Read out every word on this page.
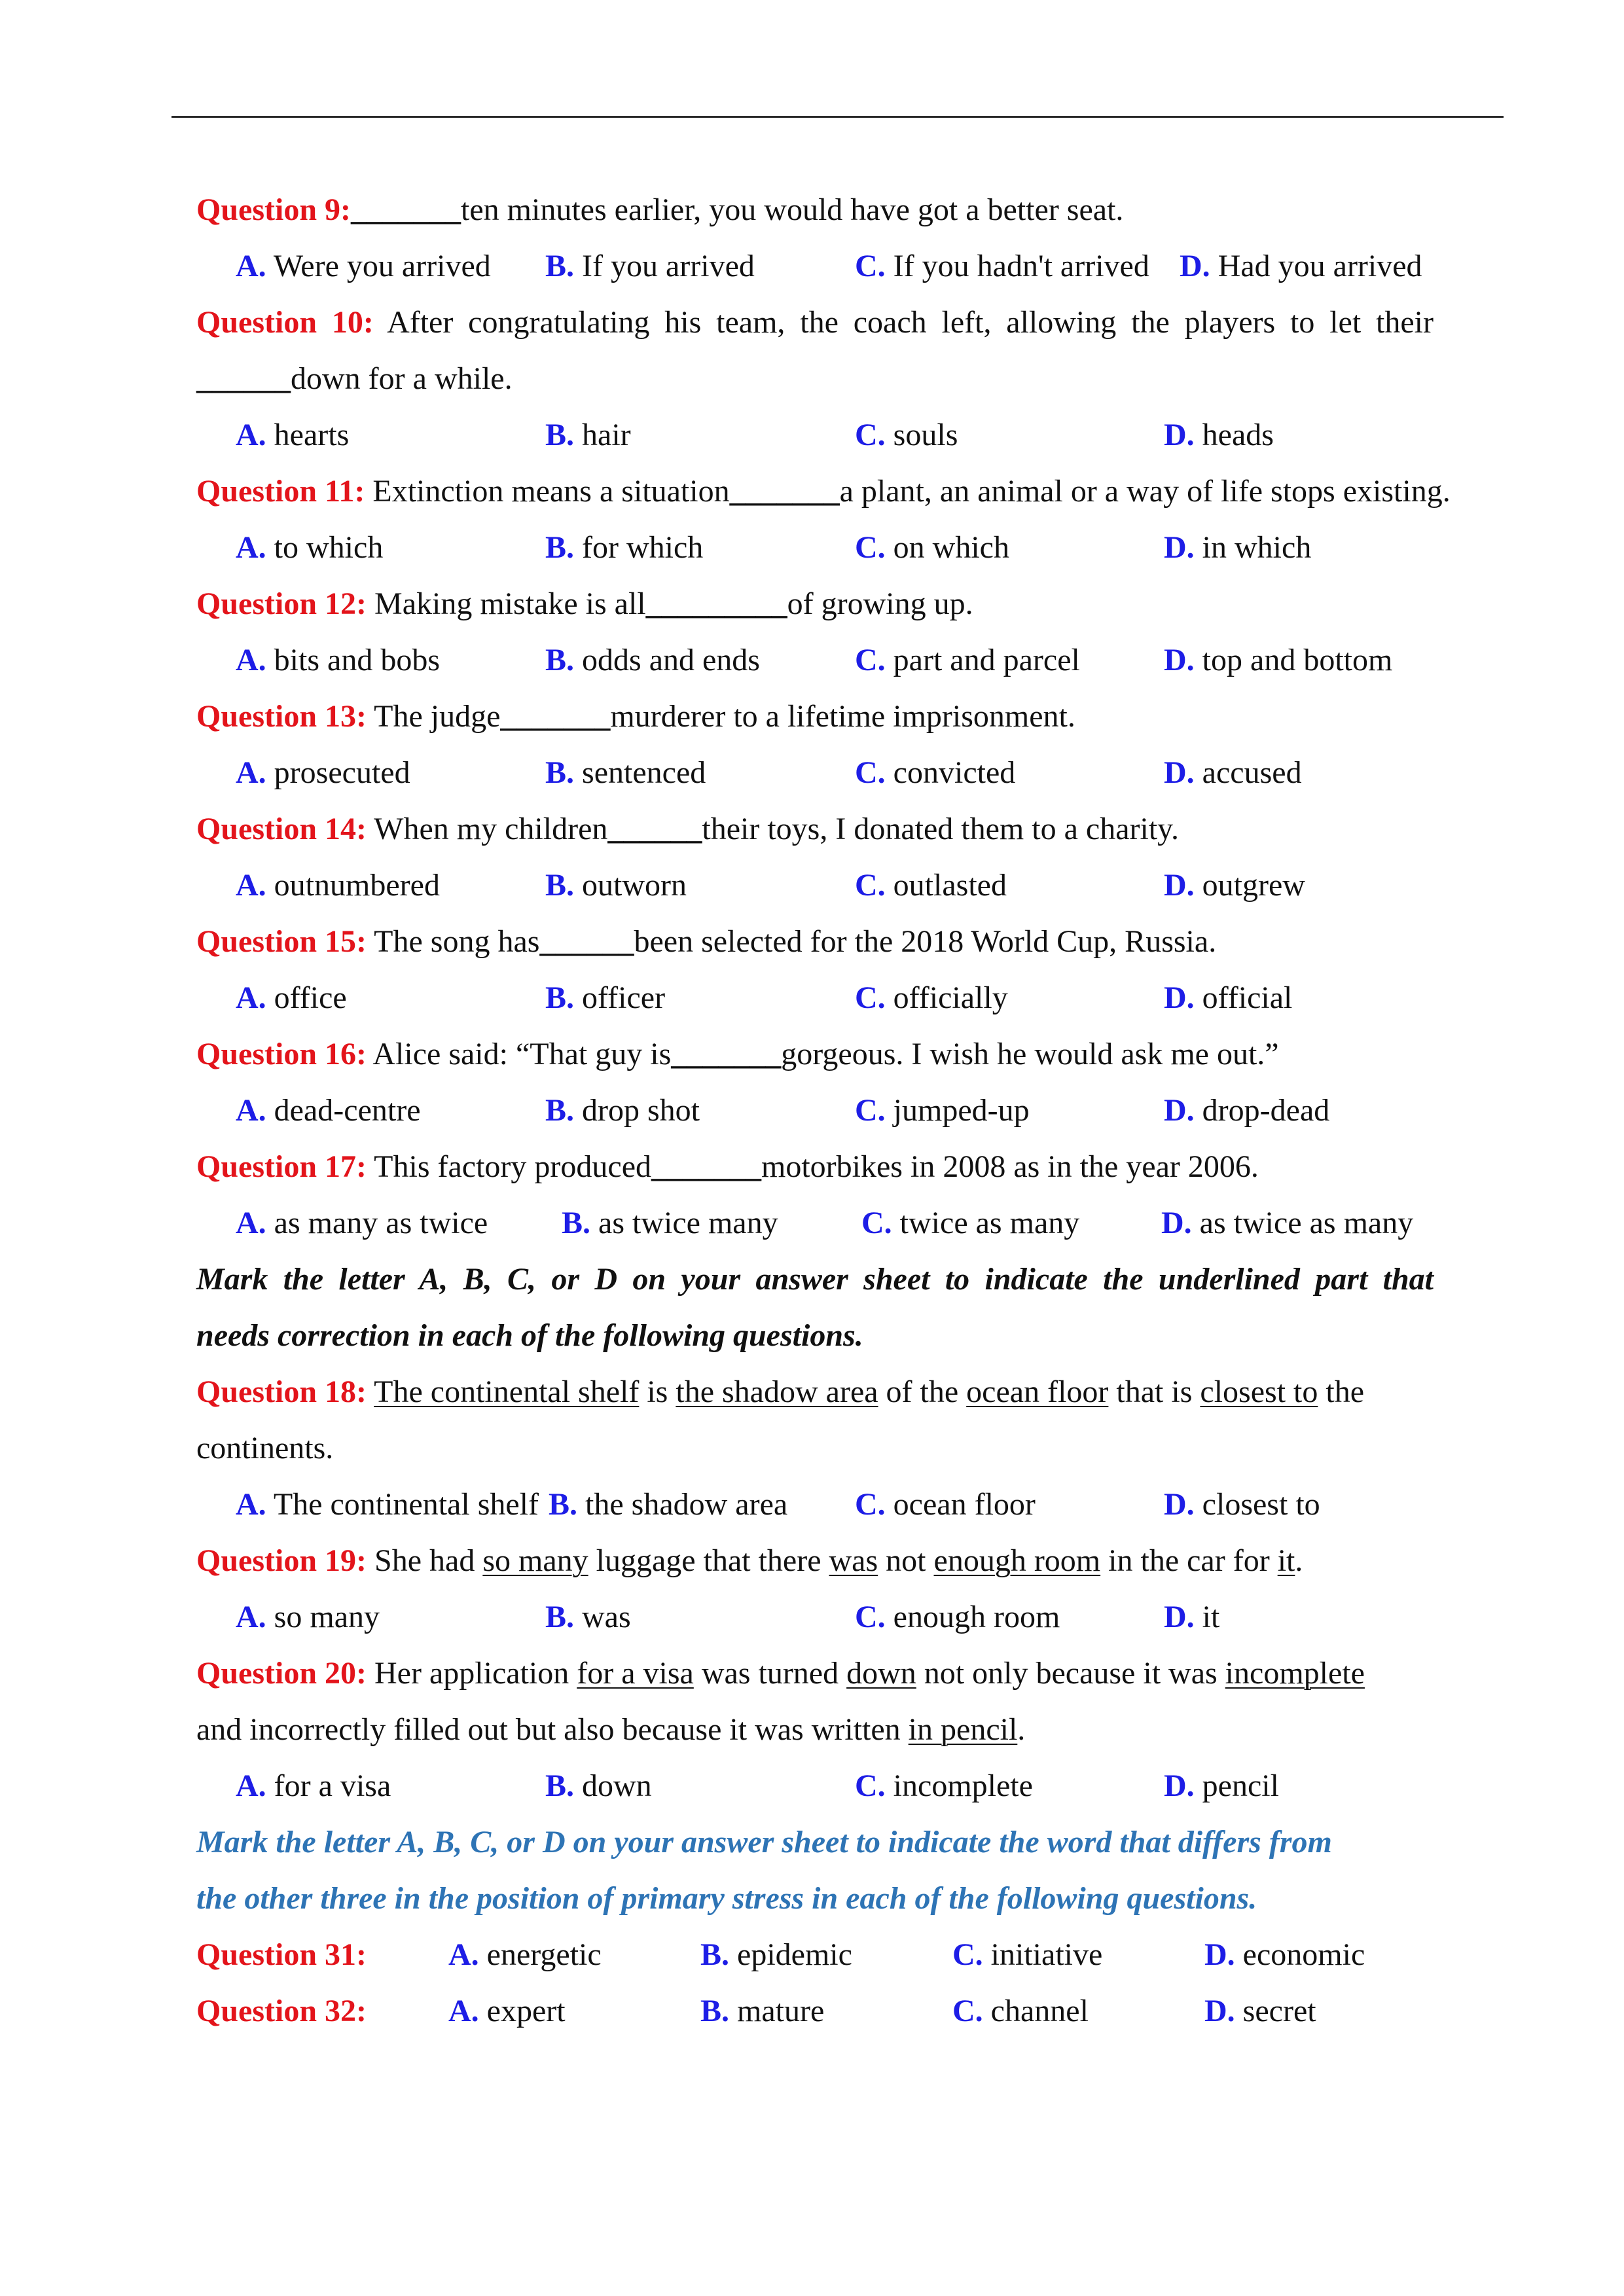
Question 9:_______ten minutes earlier, you would have got a better seat.
A. Were you arrived B. If you arrived	C. If you hadn't arrived D. Had you arrived
Question 10: After congratulating his team, the coach left, allowing the players to let their
______down for a while.
A. hearts	B. hair	C. souls	D. heads
Question 11: Extinction means a situation_______a plant, an animal or a way of life stops existing.
A. to which	B. for which	C. on which	D. in which
Question 12: Making mistake is all_________of growing up.
A. bits and bobs	B. odds and ends	C. part and parcel	D. top and bottom
Question 13: The judge_______murderer to a lifetime imprisonment.
A. prosecuted	B. sentenced	C. convicted	D. accused
Question 14: When my children______their toys, I donated them to a charity.
A. outnumbered	B. outworn	C. outlasted	D. outgrew
Question 15: The song has______been selected for the 2018 World Cup, Russia.
A. office	B. officer	C. officially	D. official
Question 16: Alice said: “That guy is_______gorgeous. I wish he would ask me out.”
A. dead-centre	B. drop shot	C. jumped-up	D. drop-dead
Question 17: This factory produced_______motorbikes in 2008 as in the year 2006.
A. as many as twice B. as twice many	C. twice as many	D. as twice as many
Mark the letter A, B, C, or D on your answer sheet to indicate the underlined part that
needs correction in each of the following questions.
Question 18: The continental shelf is the shadow area of the ocean floor that is closest to the
continents.
A. The continental shelf B. the shadow area C. ocean floor	D. closest to
Question 19: She had so many luggage that there was not enough room in the car for it.
A. so many	B. was	C. enough room	D. it
Question 20: Her application for a visa was turned down not only because it was incomplete
and incorrectly filled out but also because it was written in pencil.
A. for a visa	B. down	C. incomplete	D. pencil
Mark the letter A, B, C, or D on your answer sheet to indicate the word that differs from
the other three in the position of primary stress in each of the following questions.
Question 31:	A. energetic	B. epidemic	C. initiative	D. economic
Question 32:	A. expert	B. mature	C. channel	D. secret
